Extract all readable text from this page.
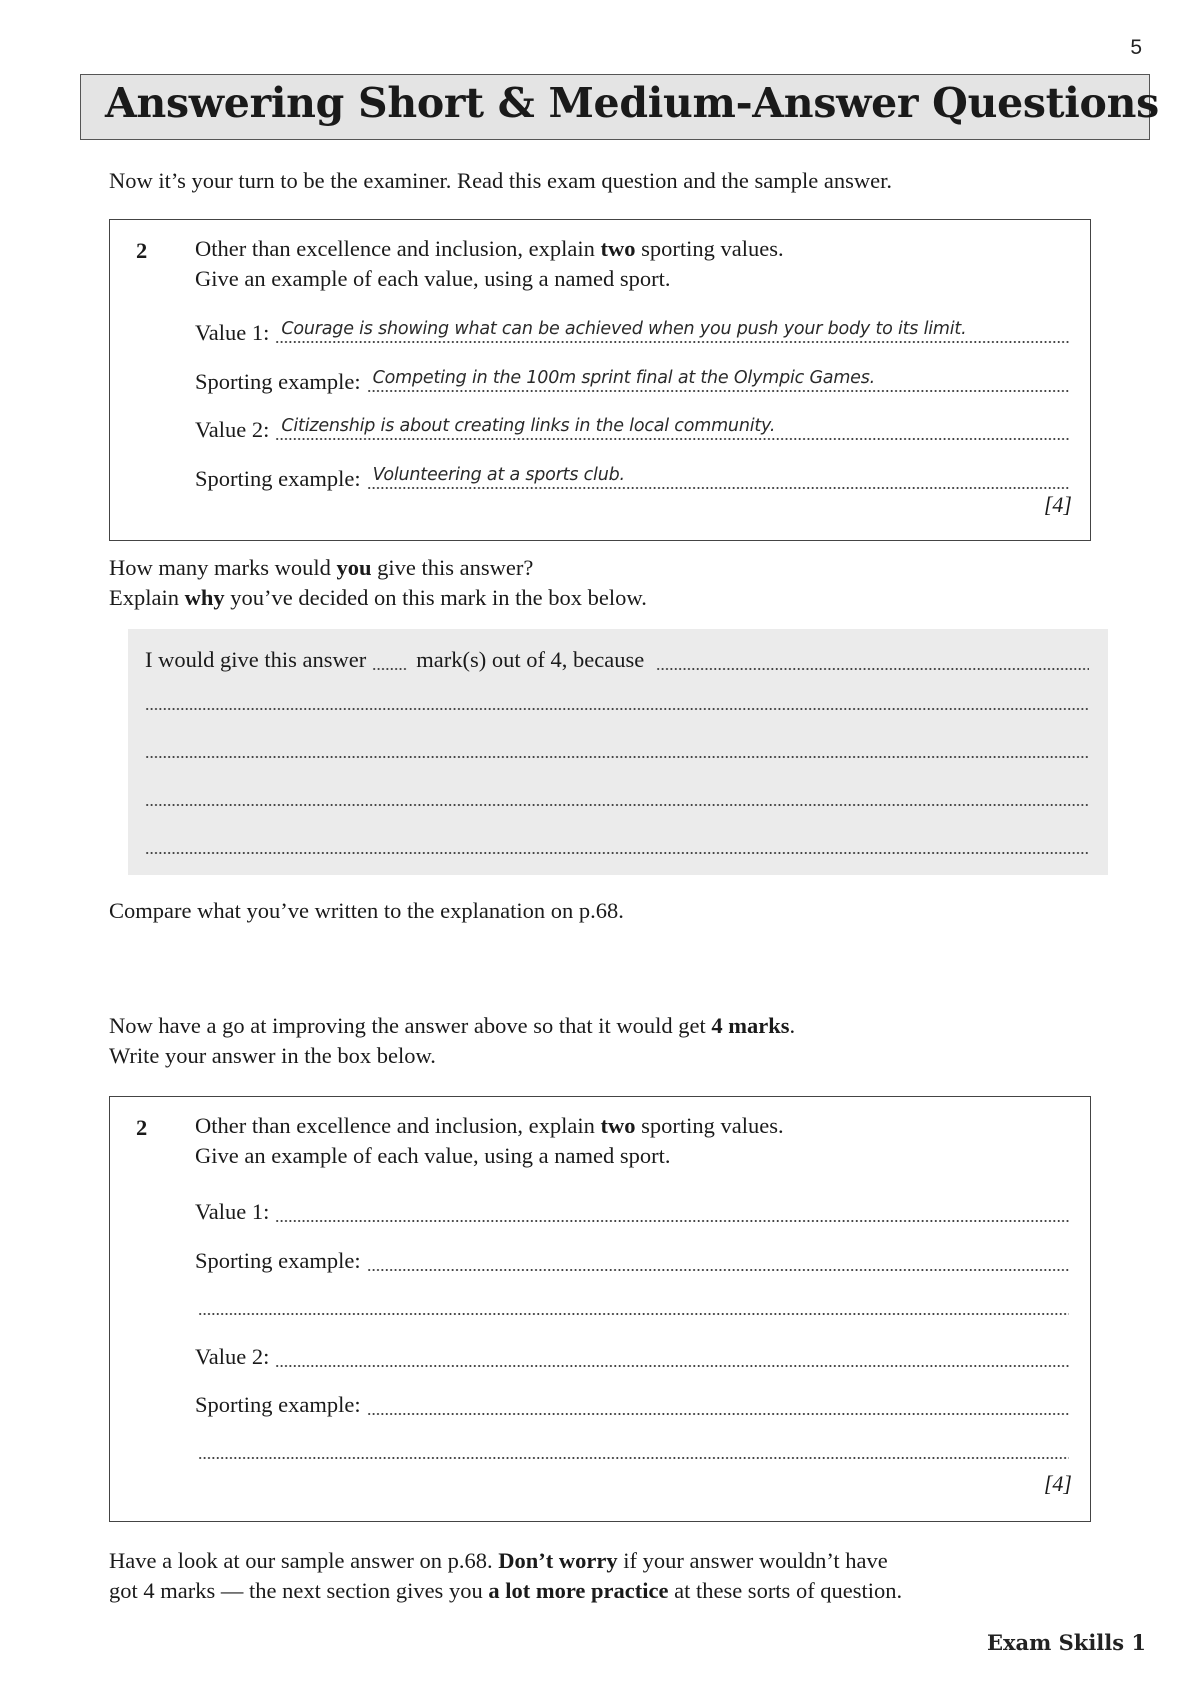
5
Answering Short & Medium-Answer Questions
Now it’s your turn to be the examiner. Read this exam question and the sample answer.
2 Other than excellence and inclusion, explain two sporting values.
Give an example of each value, using a named sport.
Value 1: Courage is showing what can be achieved when you push your body to its limit.
Sporting example: Competing in the 100m sprint final at the Olympic Games.
Value 2: Citizenship is about creating links in the local community.
Sporting example: Volunteering at a sports club.
[4]
How many marks would you give this answer?
Explain why you’ve decided on this mark in the box below.
I would give this answer	mark(s) out of 4, because
Compare what you’ve written to the explanation on p.68.
Now have a go at improving the answer above so that it would get 4 marks.
Write your answer in the box below.
2 Other than excellence and inclusion, explain two sporting values.
Give an example of each value, using a named sport.
Value 1:
Sporting example:
Value 2:
Sporting example:
[4]
Have a look at our sample answer on p.68. Don’t worry if your answer wouldn’t have
got 4 marks — the next section gives you a lot more practice at these sorts of question.
Exam Skills 1
